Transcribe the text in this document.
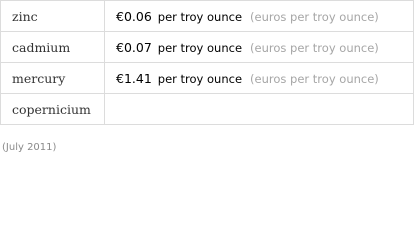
zinc	€0.06 per troy ounce (euros per troy ounce)
cadmium	€0.07 per troy ounce (euros per troy ounce)
mercury	€1.41 per troy ounce (euros per troy ounce)
copernicium	
(July 2011)
